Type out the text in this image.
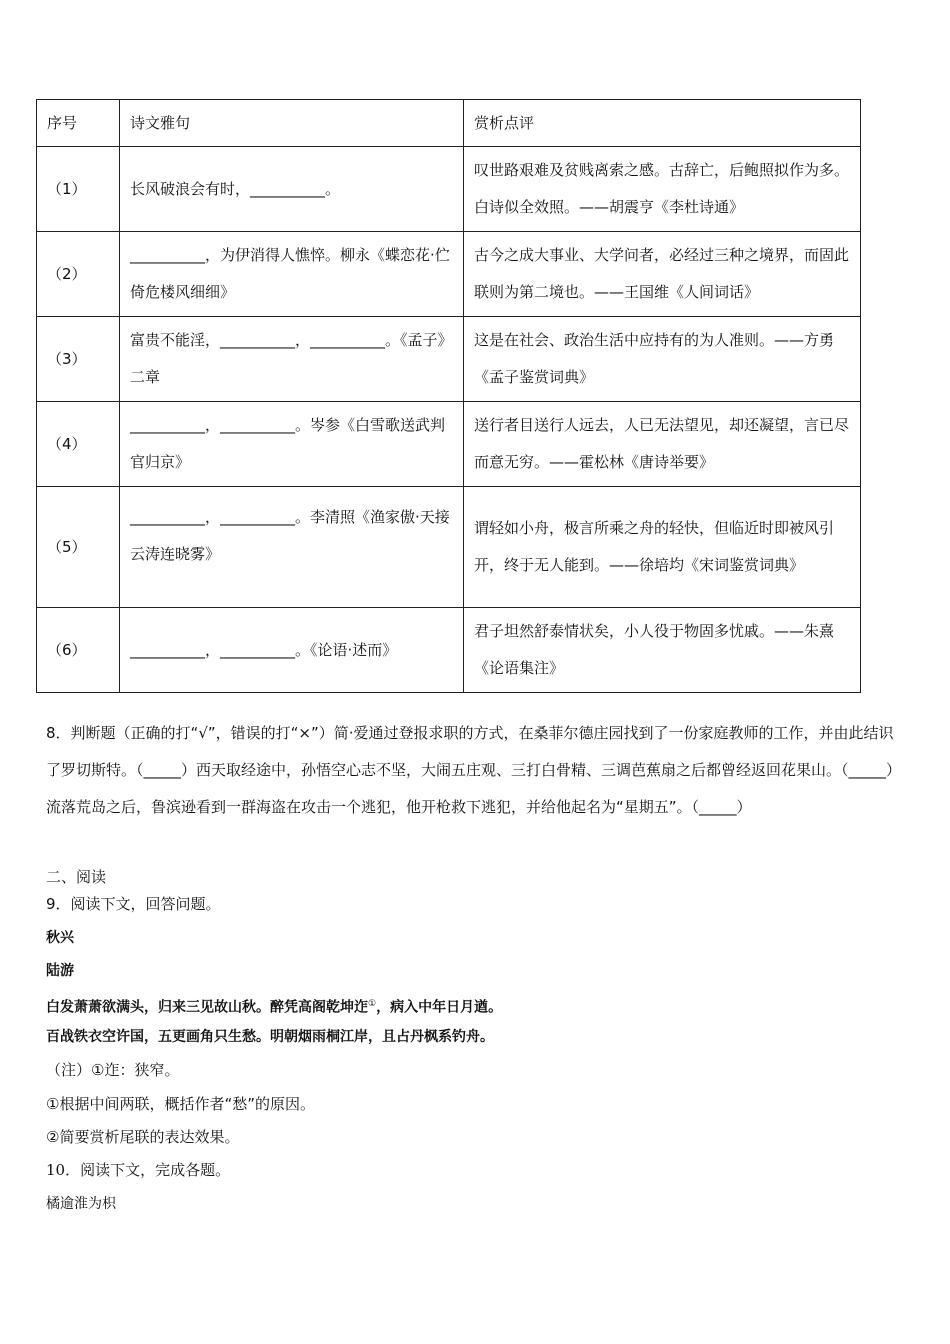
序号	诗文雅句	赏析点评
（1）	长风破浪会有时，__________。	叹世路艰难及贫贱离索之感。古辞亡，后鲍照拟作为多。白诗似全效照。——胡震亨《李杜诗通》
（2）	__________，为伊消得人憔悴。柳永《蝶恋花·伫倚危楼风细细》	古今之成大事业、大学问者，必经过三种之境界，而固此联则为第二境也。——王国维《人间词话》
（3）	富贵不能淫，__________，__________。《孟子》二章	这是在社会、政治生活中应持有的为人准则。——方勇《孟子鉴赏词典》
（4）	__________，__________。岑参《白雪歌送武判官归京》	送行者目送行人远去，人已无法望见，却还凝望，言已尽而意无穷。——霍松林《唐诗举要》
（5）	__________，__________。李清照《渔家傲·天接云涛连晓雾》	谓轻如小舟，极言所乘之舟的轻快，但临近时即被风引开，终于无人能到。——徐培均《宋词鉴赏词典》
（6）	__________，__________。《论语·述而》	君子坦然舒泰情状矣，小人役于物固多忧戚。——朱熹《论语集注》
8．判断题（正确的打“√”，错误的打“×”）简·爱通过登报求职的方式，在桑菲尔德庄园找到了一份家庭教师的工作，并由此结识了罗切斯特。（_____）西天取经途中，孙悟空心志不坚，大闹五庄观、三打白骨精、三调芭蕉扇之后都曾经返回花果山。（_____）流落荒岛之后，鲁滨逊看到一群海盗在攻击一个逃犯，他开枪救下逃犯，并给他起名为“星期五”。（_____）
二、阅读
9．阅读下文，回答问题。
秋兴
陆游
白发萧萧欲满头，归来三见故山秋。醉凭高阁乾坤迮①，病入中年日月遒。
百战铁衣空许国，五更画角只生愁。明朝烟雨桐江岸，且占丹枫系钓舟。
（注）①迮：狭窄。
①根据中间两联，概括作者“愁”的原因。
②简要赏析尾联的表达效果。
10．阅读下文，完成各题。
橘逾淮为枳
